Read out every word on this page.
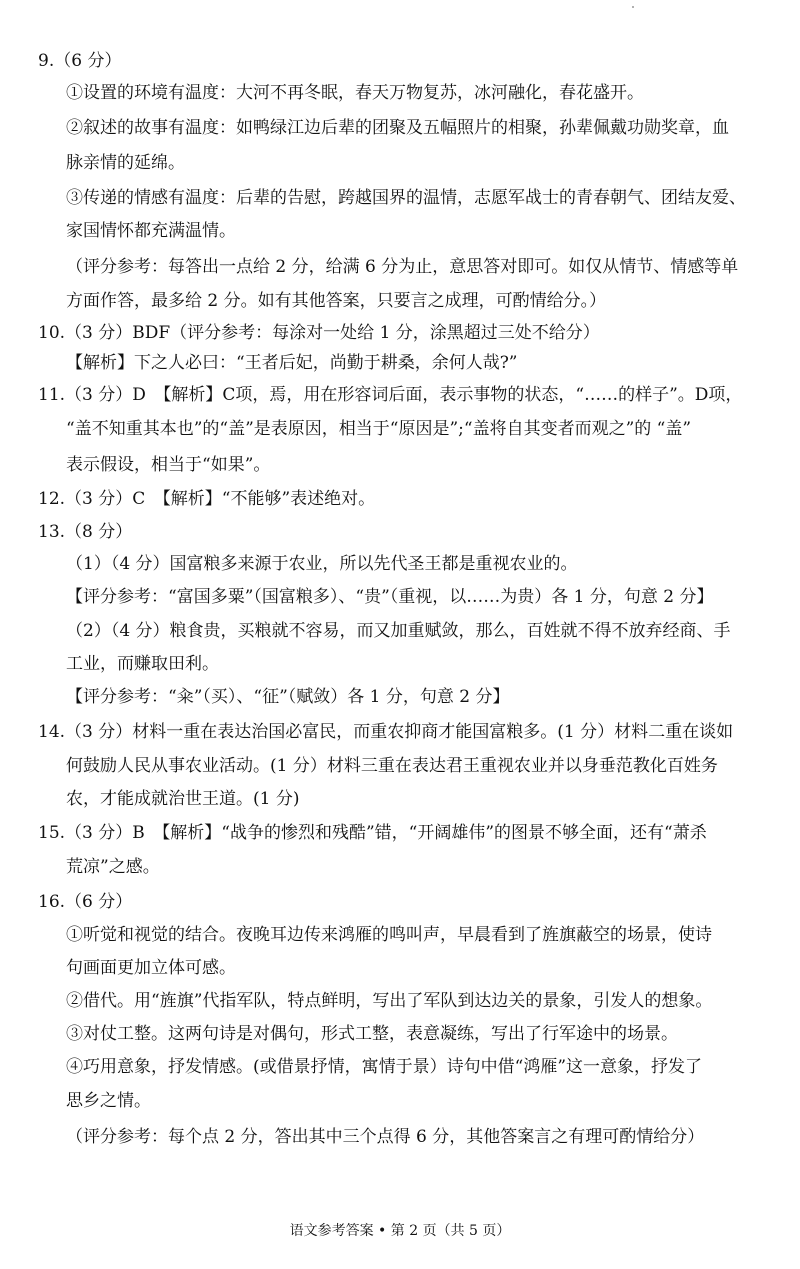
9.（6 分）
①设置的环境有温度：大河不再冬眠，春天万物复苏，冰河融化，春花盛开。
②叙述的故事有温度：如鸭绿江边后辈的团聚及五幅照片的相聚，孙辈佩戴功勋奖章，血
脉亲情的延绵。
③传递的情感有温度：后辈的告慰，跨越国界的温情，志愿军战士的青春朝气、团结友爱、
家国情怀都充满温情。
（评分参考：每答出一点给 2 分，给满 6 分为止，意思答对即可。如仅从情节、情感等单
方面作答，最多给 2 分。如有其他答案，只要言之成理，可酌情给分。）
10.（3 分）BDF（评分参考：每涂对一处给 1 分，涂黑超过三处不给分）
【解析】下之人必曰：“王者后妃，尚勤于耕桑，余何人哉?”
11.（3 分）D　【解析】C项，焉，用在形容词后面，表示事物的状态，“……的样子”。D项，
“盖不知重其本也”的“盖”是表原因，相当于“原因是”;“盖将自其变者而观之”的 “盖”
表示假设，相当于“如果”。
12.（3 分）C　【解析】“不能够”表述绝对。
13.（8 分）
（1）（4 分）国富粮多来源于农业，所以先代圣王都是重视农业的。
【评分参考：“富国多粟”（国富粮多）、“贵”（重视，以……为贵）各 1 分，句意 2 分】
（2）（4 分）粮食贵，买粮就不容易，而又加重赋敛，那么，百姓就不得不放弃经商、手
工业，而赚取田利。
【评分参考：“籴”（买）、“征”（赋敛）各 1 分，句意 2 分】
14.（3 分）材料一重在表达治国必富民，而重农抑商才能国富粮多。(1 分）材料二重在谈如
何鼓励人民从事农业活动。(1 分）材料三重在表达君王重视农业并以身垂范教化百姓务
农，才能成就治世王道。(1 分)
15.（3 分）B　【解析】“战争的惨烈和残酷”错，“开阔雄伟”的图景不够全面，还有“萧杀
荒凉”之感。
16.（6 分）
①听觉和视觉的结合。夜晚耳边传来鸿雁的鸣叫声，早晨看到了旌旗蔽空的场景，使诗
句画面更加立体可感。
②借代。用“旌旗”代指军队，特点鲜明，写出了军队到达边关的景象，引发人的想象。
③对仗工整。这两句诗是对偶句，形式工整，表意凝练，写出了行军途中的场景。
④巧用意象，抒发情感。(或借景抒情，寓情于景）诗句中借“鸿雁”这一意象，抒发了
思乡之情。
（评分参考：每个点 2 分，答出其中三个点得 6 分，其他答案言之有理可酌情给分）
语文参考答案 • 第 2 页（共 5 页）
